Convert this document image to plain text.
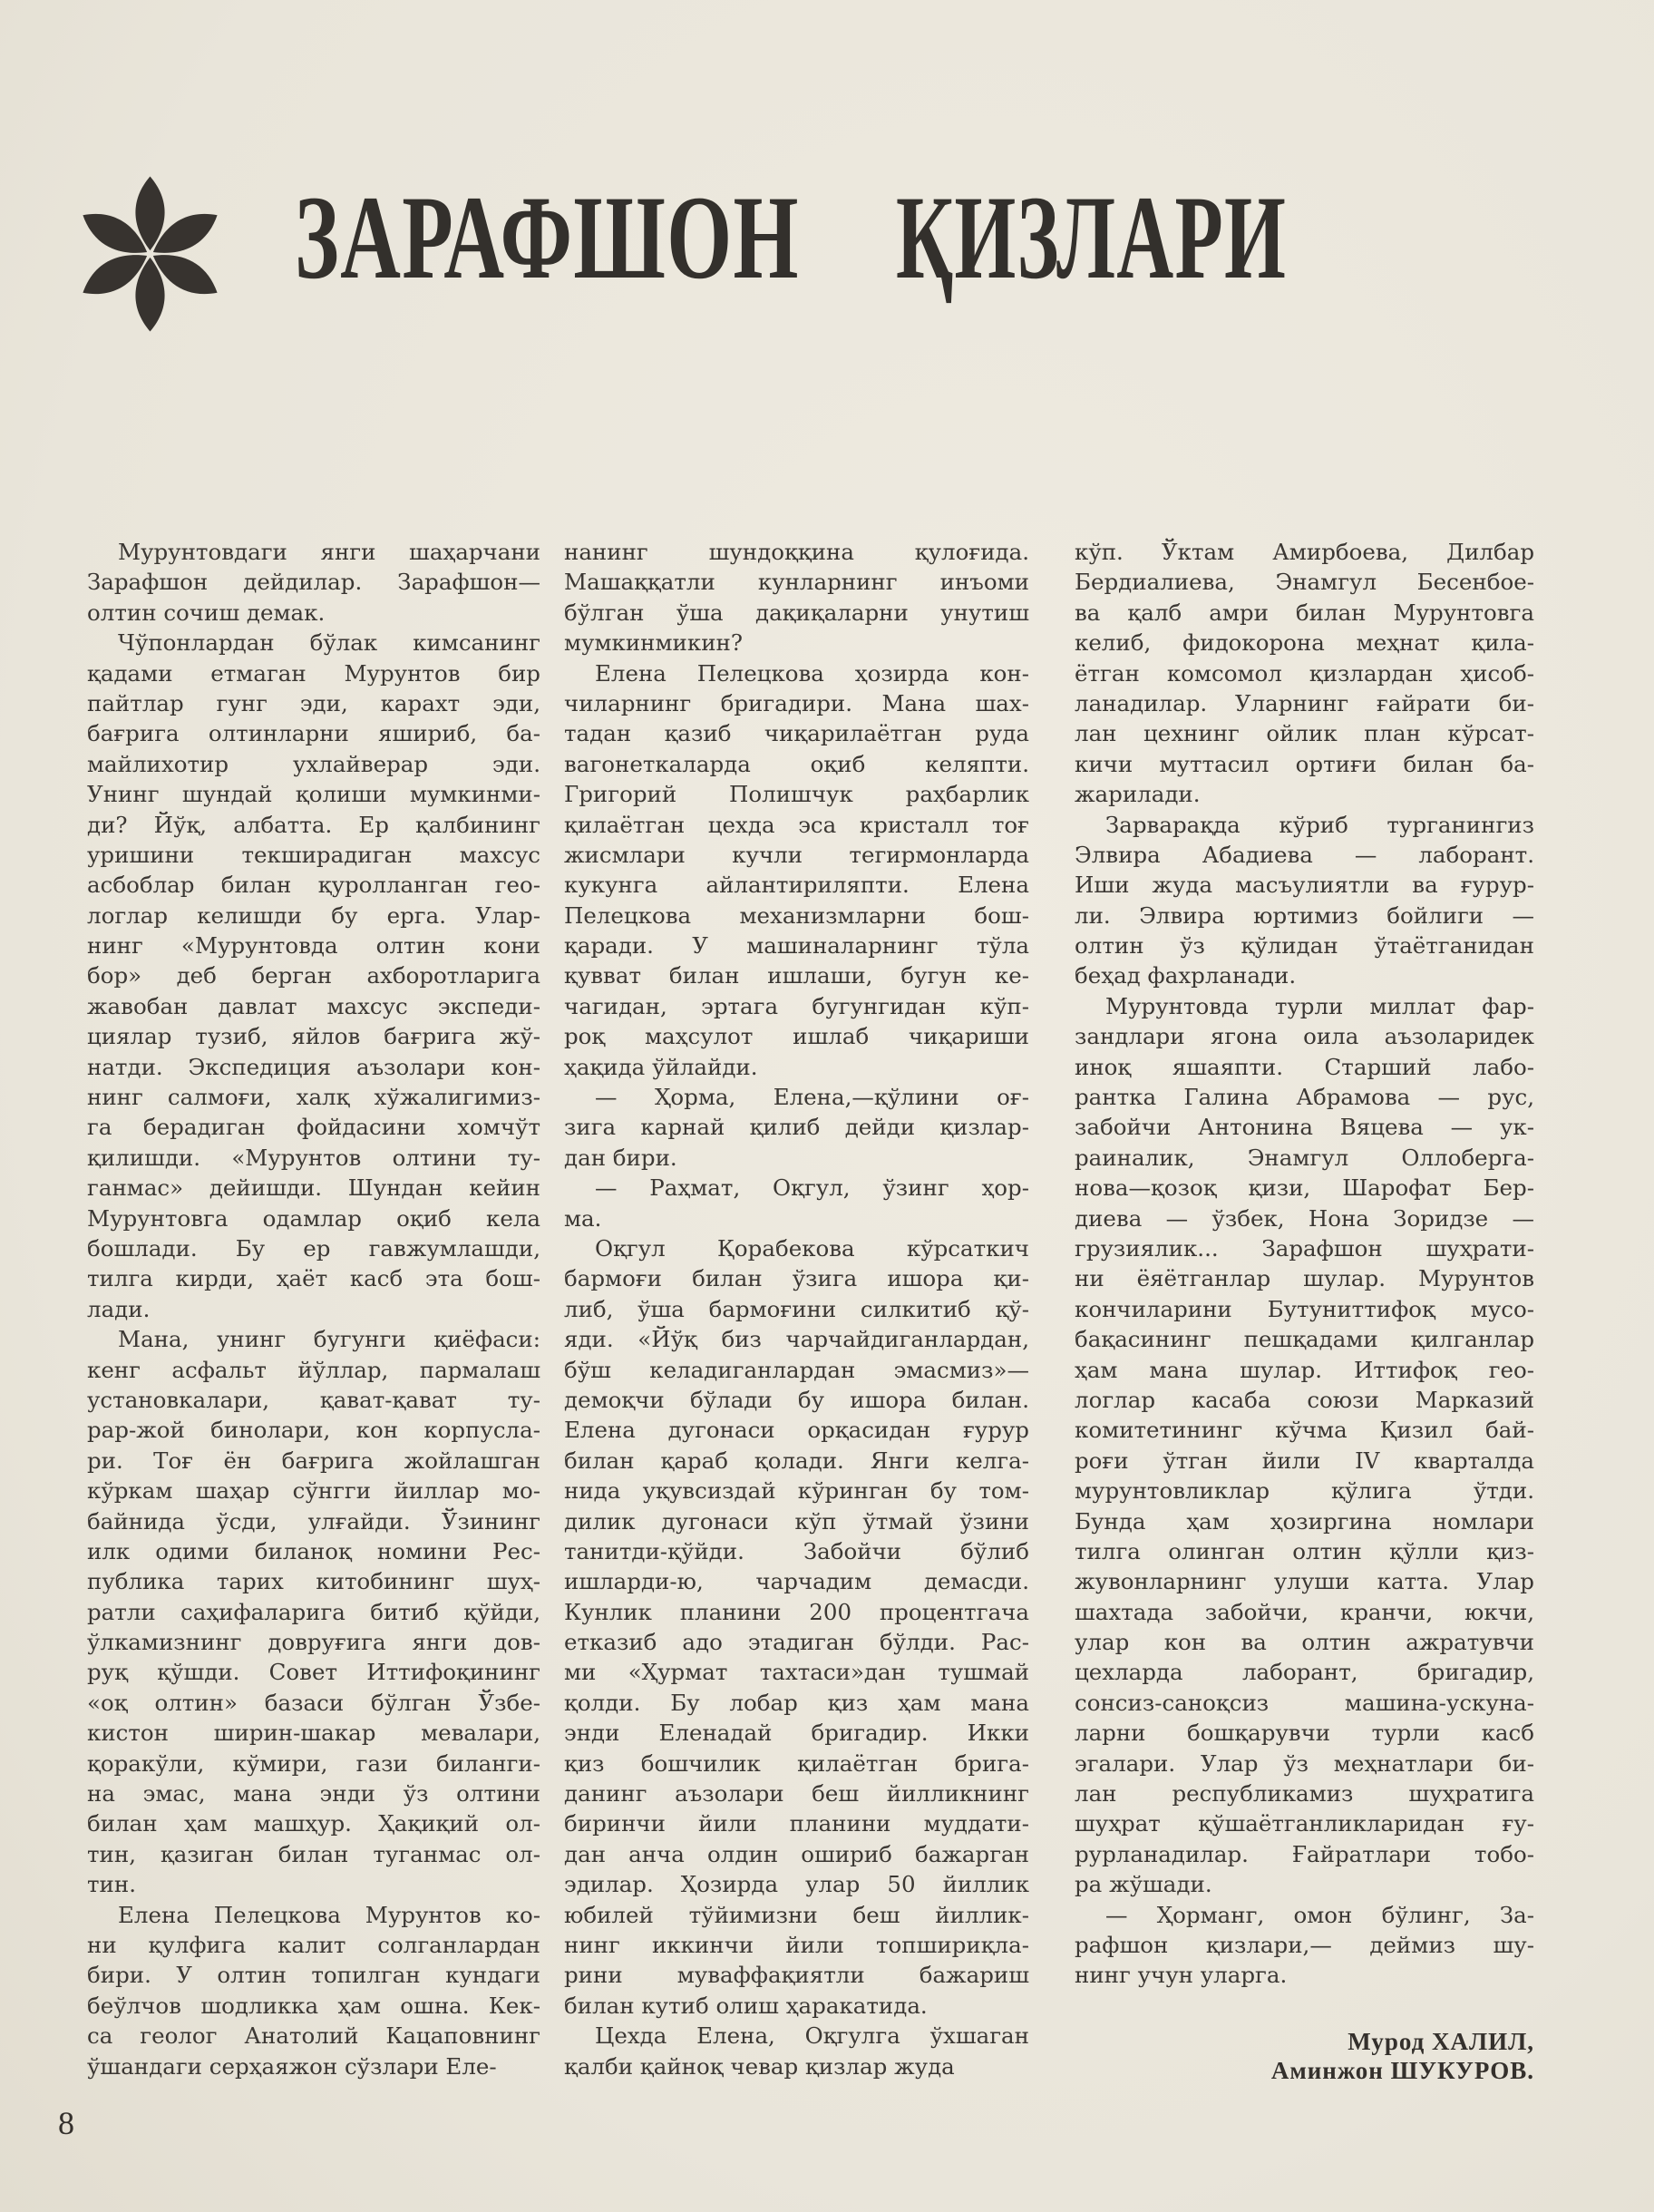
ЗАРАФШОН ҚИЗЛАРИ
Мурунтовдаги янги шаҳарчани
Зарафшон дейдилар. Зарафшон—
олтин сочиш демак.
Чўпонлардан бўлак кимсанинг
қадами етмаган Мурунтов бир
пайтлар гунг эди, карахт эди,
бағрига олтинларни яшириб, ба-
майлихотир ухлайверар эди.
Унинг шундай қолиши мумкинми-
ди? Йўқ, албатта. Ер қалбининг
уришини текширадиган махсус
асбоблар билан қуролланган гео-
логлар келишди бу ерга. Улар-
нинг «Мурунтовда олтин кони
бор» деб берган ахборотларига
жавобан давлат махсус экспеди-
циялар тузиб, яйлов бағрига жў-
натди. Экспедиция аъзолари кон-
нинг салмоғи, халқ хўжалигимиз-
га берадиган фойдасини хомчўт
қилишди. «Мурунтов олтини ту-
ганмас» дейишди. Шундан кейин
Мурунтовга одамлар оқиб кела
бошлади. Бу ер гавжумлашди,
тилга кирди, ҳаёт касб эта бош-
лади.
Мана, унинг бугунги қиёфаси:
кенг асфальт йўллар, пармалаш
установкалари, қават-қават ту-
рар-жой бинолари, кон корпусла-
ри. Тоғ ён бағрига жойлашган
кўркам шаҳар сўнгги йиллар мо-
байнида ўсди, улғайди. Ўзининг
илк одими биланоқ номини Рес-
публика тарих китобининг шуҳ-
ратли саҳифаларига битиб қўйди,
ўлкамизнинг довруғига янги дов-
руқ қўшди. Совет Иттифоқининг
«оқ олтин» базаси бўлган Ўзбе-
кистон ширин-шакар мевалари,
қоракўли, кўмири, гази биланги-
на эмас, мана энди ўз олтини
билан ҳам машҳур. Ҳақиқий ол-
тин, қазиган билан туганмас ол-
тин.
Елена Пелецкова Мурунтов ко-
ни қулфига калит солганлардан
бири. У олтин топилган кундаги
беўлчов шодликка ҳам ошна. Кек-
са геолог Анатолий Кацаповнинг
ўшандаги серҳаяжон сўзлари Еле-
нанинг шундоққина қулоғида.
Машаққатли кунларнинг инъоми
бўлган ўша дақиқаларни унутиш
мумкинмикин?
Елена Пелецкова ҳозирда кон-
чиларнинг бригадири. Мана шах-
тадан қазиб чиқарилаётган руда
вагонеткаларда оқиб келяпти.
Григорий Полишчук раҳбарлик
қилаётган цехда эса кристалл тоғ
жисмлари кучли тегирмонларда
кукунга айлантириляпти. Елена
Пелецкова механизмларни бош-
қаради. У машиналарнинг тўла
қувват билан ишлаши, бугун ке-
чагидан, эртага бугунгидан кўп-
роқ маҳсулот ишлаб чиқариши
ҳақида ўйлайди.
— Ҳорма, Елена,—қўлини оғ-
зига карнай қилиб дейди қизлар-
дан бири.
— Раҳмат, Оқгул, ўзинг ҳор-
ма.
Оқгул Қорабекова кўрсаткич
бармоғи билан ўзига ишора қи-
либ, ўша бармоғини силкитиб қў-
яди. «Йўқ биз чарчайдиганлардан,
бўш келадиганлардан эмасмиз»—
демоқчи бўлади бу ишора билан.
Елена дугонаси орқасидан ғурур
билан қараб қолади. Янги келга-
нида уқувсиздай кўринган бу том-
дилик дугонаси кўп ўтмай ўзини
танитди-қўйди. Забойчи бўлиб
ишларди-ю, чарчадим демасди.
Кунлик планини 200 процентгача
етказиб адо этадиган бўлди. Рас-
ми «Ҳурмат тахтаси»дан тушмай
қолди. Бу лобар қиз ҳам мана
энди Еленадай бригадир. Икки
қиз бошчилик қилаётган брига-
данинг аъзолари беш йилликнинг
биринчи йили планини муддати-
дан анча олдин ошириб бажарган
эдилар. Ҳозирда улар 50 йиллик
юбилей тўйимизни беш йиллик-
нинг иккинчи йили топшириқла-
рини муваффақиятли бажариш
билан кутиб олиш ҳаракатида.
Цехда Елена, Оқгулга ўхшаган
қалби қайноқ чевар қизлар жуда
кўп. Ўктам Амирбоева, Дилбар
Бердиалиева, Энамгул Бесенбое-
ва қалб амри билан Мурунтовга
келиб, фидокорона меҳнат қила-
ётган комсомол қизлардан ҳисоб-
ланадилар. Уларнинг ғайрати би-
лан цехнинг ойлик план кўрсат-
кичи муттасил ортиғи билан ба-
жарилади.
Зарварақда кўриб турганингиз
Элвира Абадиева — лаборант.
Иши жуда масъулиятли ва ғурур-
ли. Элвира юртимиз бойлиги —
олтин ўз қўлидан ўтаётганидан
беҳад фахрланади.
Мурунтовда турли миллат фар-
зандлари ягона оила аъзоларидек
иноқ яшаяпти. Старший лабо-
рантка Галина Абрамова — рус,
забойчи Антонина Вяцева — ук-
раиналик, Энамгул Оллоберга-
нова—қозоқ қизи, Шарофат Бер-
диева — ўзбек, Нона Зоридзе —
грузиялик... Зарафшон шуҳрати-
ни ёяётганлар шулар. Мурунтов
кончиларини Бутуниттифоқ мусо-
бақасининг пешқадами қилганлар
ҳам мана шулар. Иттифоқ гео-
логлар касаба союзи Марказий
комитетининг кўчма Қизил бай-
роғи ўтган йили IV кварталда
мурунтовликлар қўлига ўтди.
Бунда ҳам ҳозиргина номлари
тилга олинган олтин қўлли қиз-
жувонларнинг улуши катта. Улар
шахтада забойчи, кранчи, юкчи,
улар кон ва олтин ажратувчи
цехларда лаборант, бригадир,
сонсиз-саноқсиз машина-ускуна-
ларни бошқарувчи турли касб
эгалари. Улар ўз меҳнатлари би-
лан республикамиз шуҳратига
шуҳрат қўшаётганликларидан ғу-
рурланадилар. Ғайратлари тобо-
ра жўшади.
— Ҳорманг, омон бўлинг, За-
рафшон қизлари,— деймиз шу-
нинг учун уларга.
Мурод ХАЛИЛ,
Аминжон ШУКУРОВ.
8
